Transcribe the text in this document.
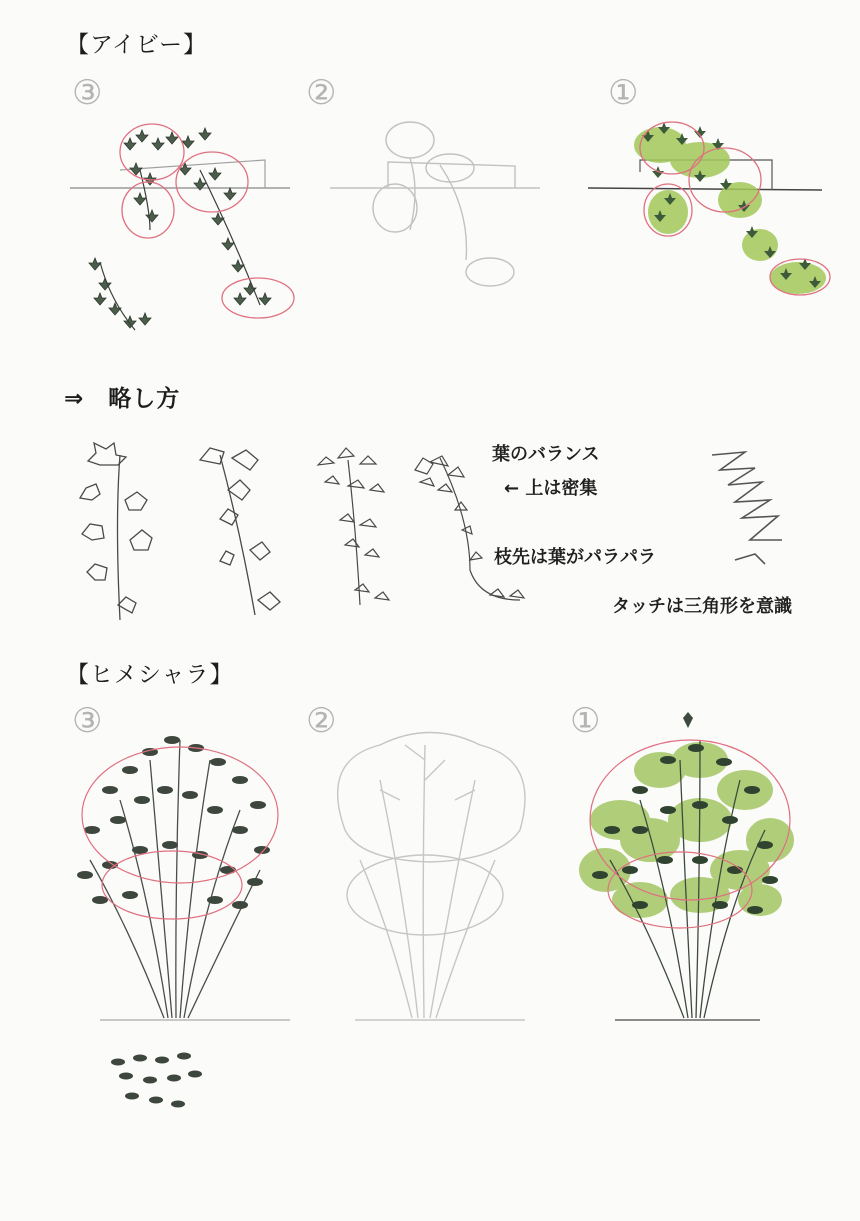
【アイビー】
⇒　略し方
【ヒメシャラ】
③	②	①
③	②	①
葉のバランス
← 上は密集
枝先は葉がパラパラ
タッチは三角形を意識
